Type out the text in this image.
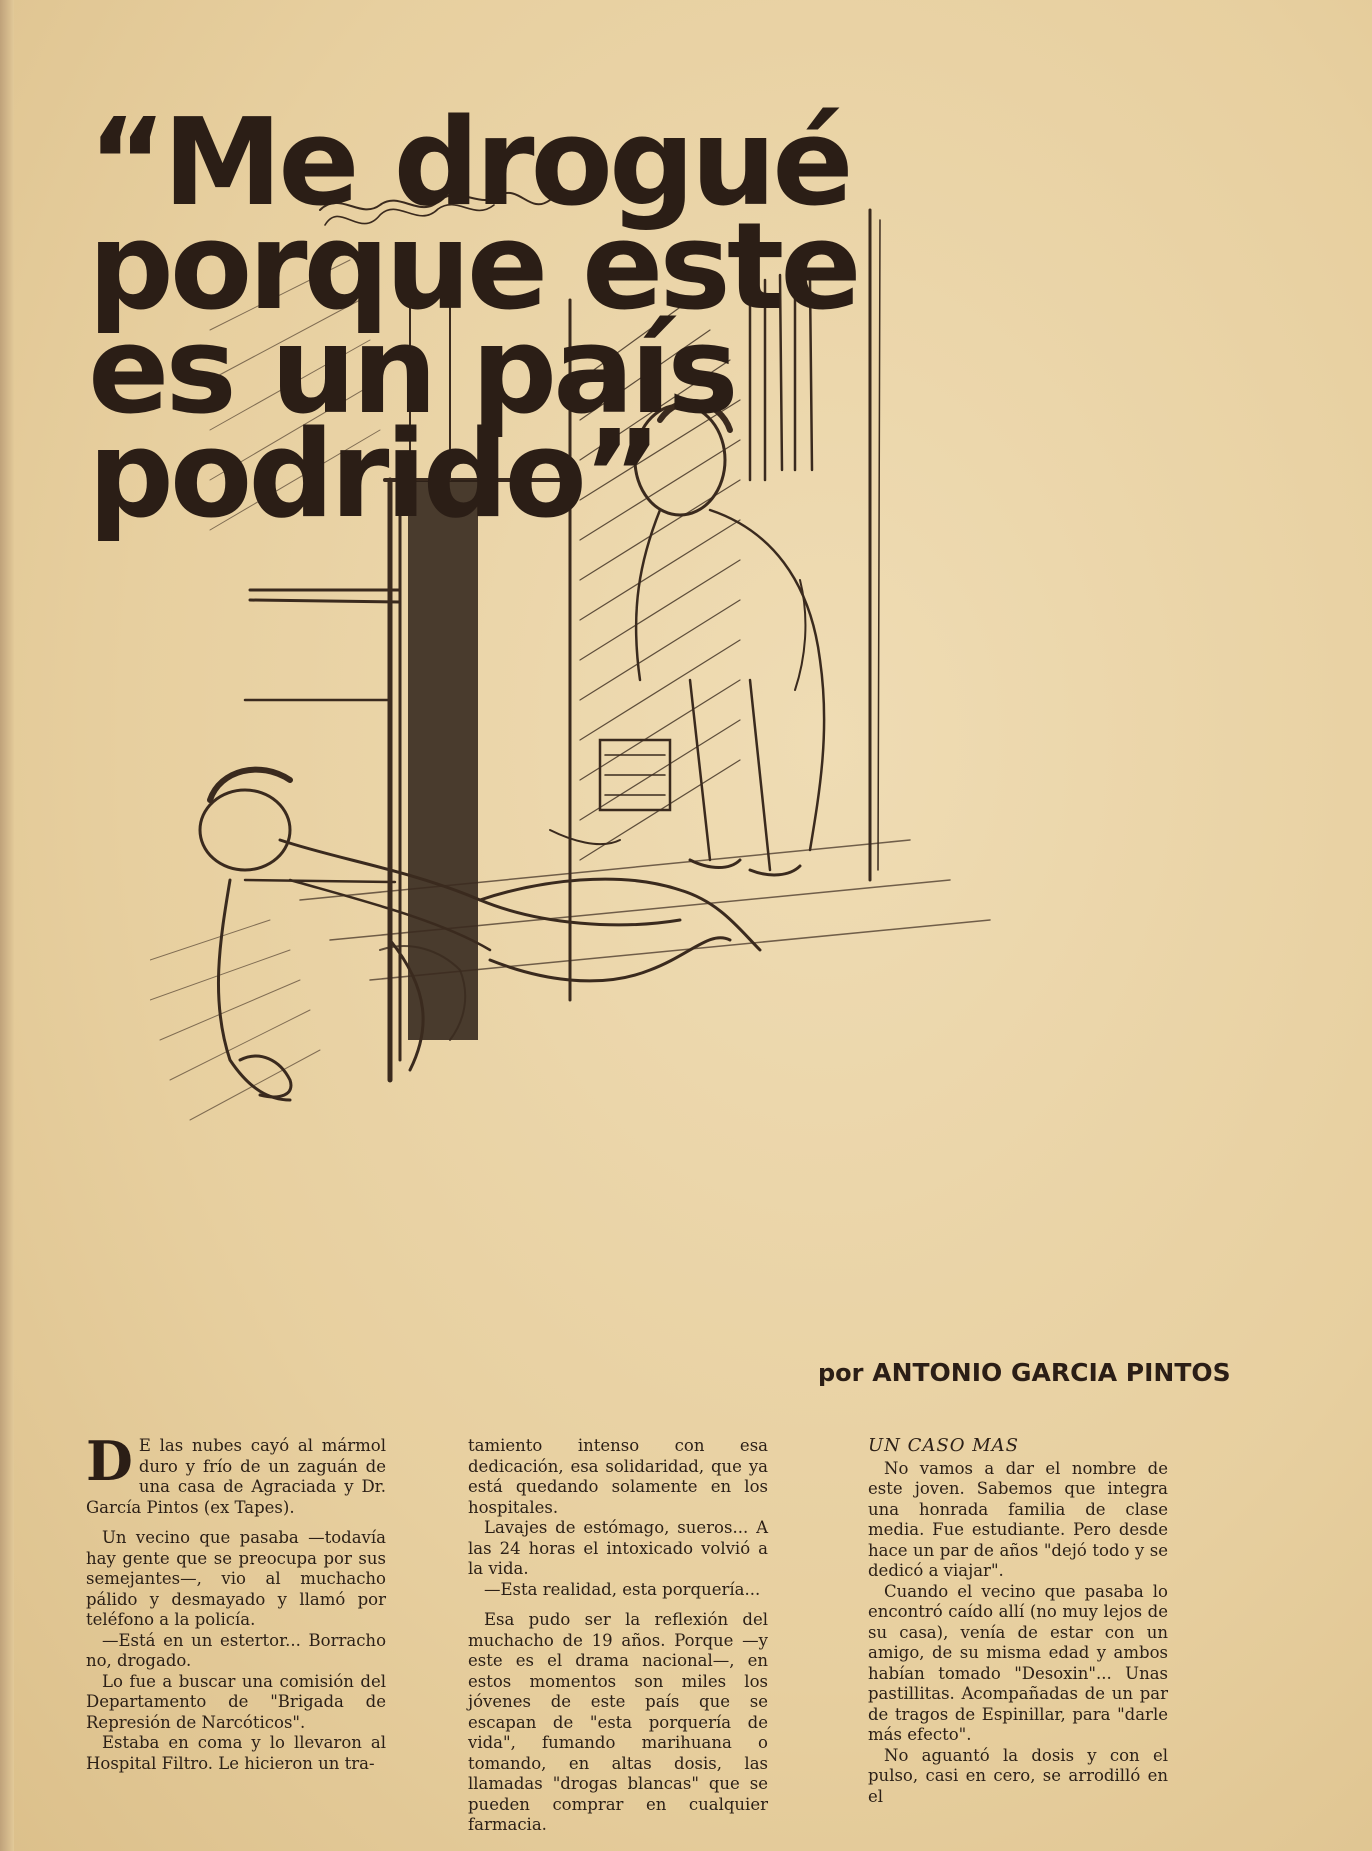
“Me drogué
porque este
es un país
podrido”
por ANTONIO GARCIA PINTOS

D E las nubes cayó al mármol duro y frío de un zaguán de una casa de Agraciada y Dr. García Pintos (ex Tapes).

Un vecino que pasaba —todavía hay gente que se preocupa por sus semejantes—, vio al muchacho pálido y desmayado y llamó por teléfono a la policía.

—Está en un estertor... Borracho no, drogado.

Lo fue a buscar una comisión del Departamento de "Brigada de Represión de Narcóticos".

Estaba en coma y lo llevaron al Hospital Filtro. Le hicieron un tra-

tamiento intenso con esa dedicación, esa solidaridad, que ya está quedando solamente en los hospitales.

Lavajes de estómago, sueros... A las 24 horas el intoxicado volvió a la vida.

—Esta realidad, esta porquería...

Esa pudo ser la reflexión del muchacho de 19 años. Porque —y este es el drama nacional—, en estos momentos son miles los jóvenes de este país que se escapan de "esta porquería de vida", fumando marihuana o tomando, en altas dosis, las llamadas "drogas blancas" que se pueden comprar en cualquier farmacia.

UN CASO MAS

No vamos a dar el nombre de este joven. Sabemos que integra una honrada familia de clase media. Fue estudiante. Pero desde hace un par de años "dejó todo y se dedicó a viajar".

Cuando el vecino que pasaba lo encontró caído allí (no muy lejos de su casa), venía de estar con un amigo, de su misma edad y ambos habían tomado "Desoxin"... Unas pastillitas. Acompañadas de un par de tragos de Espinillar, para "darle más efecto".

No aguantó la dosis y con el pulso, casi en cero, se arrodilló en el
